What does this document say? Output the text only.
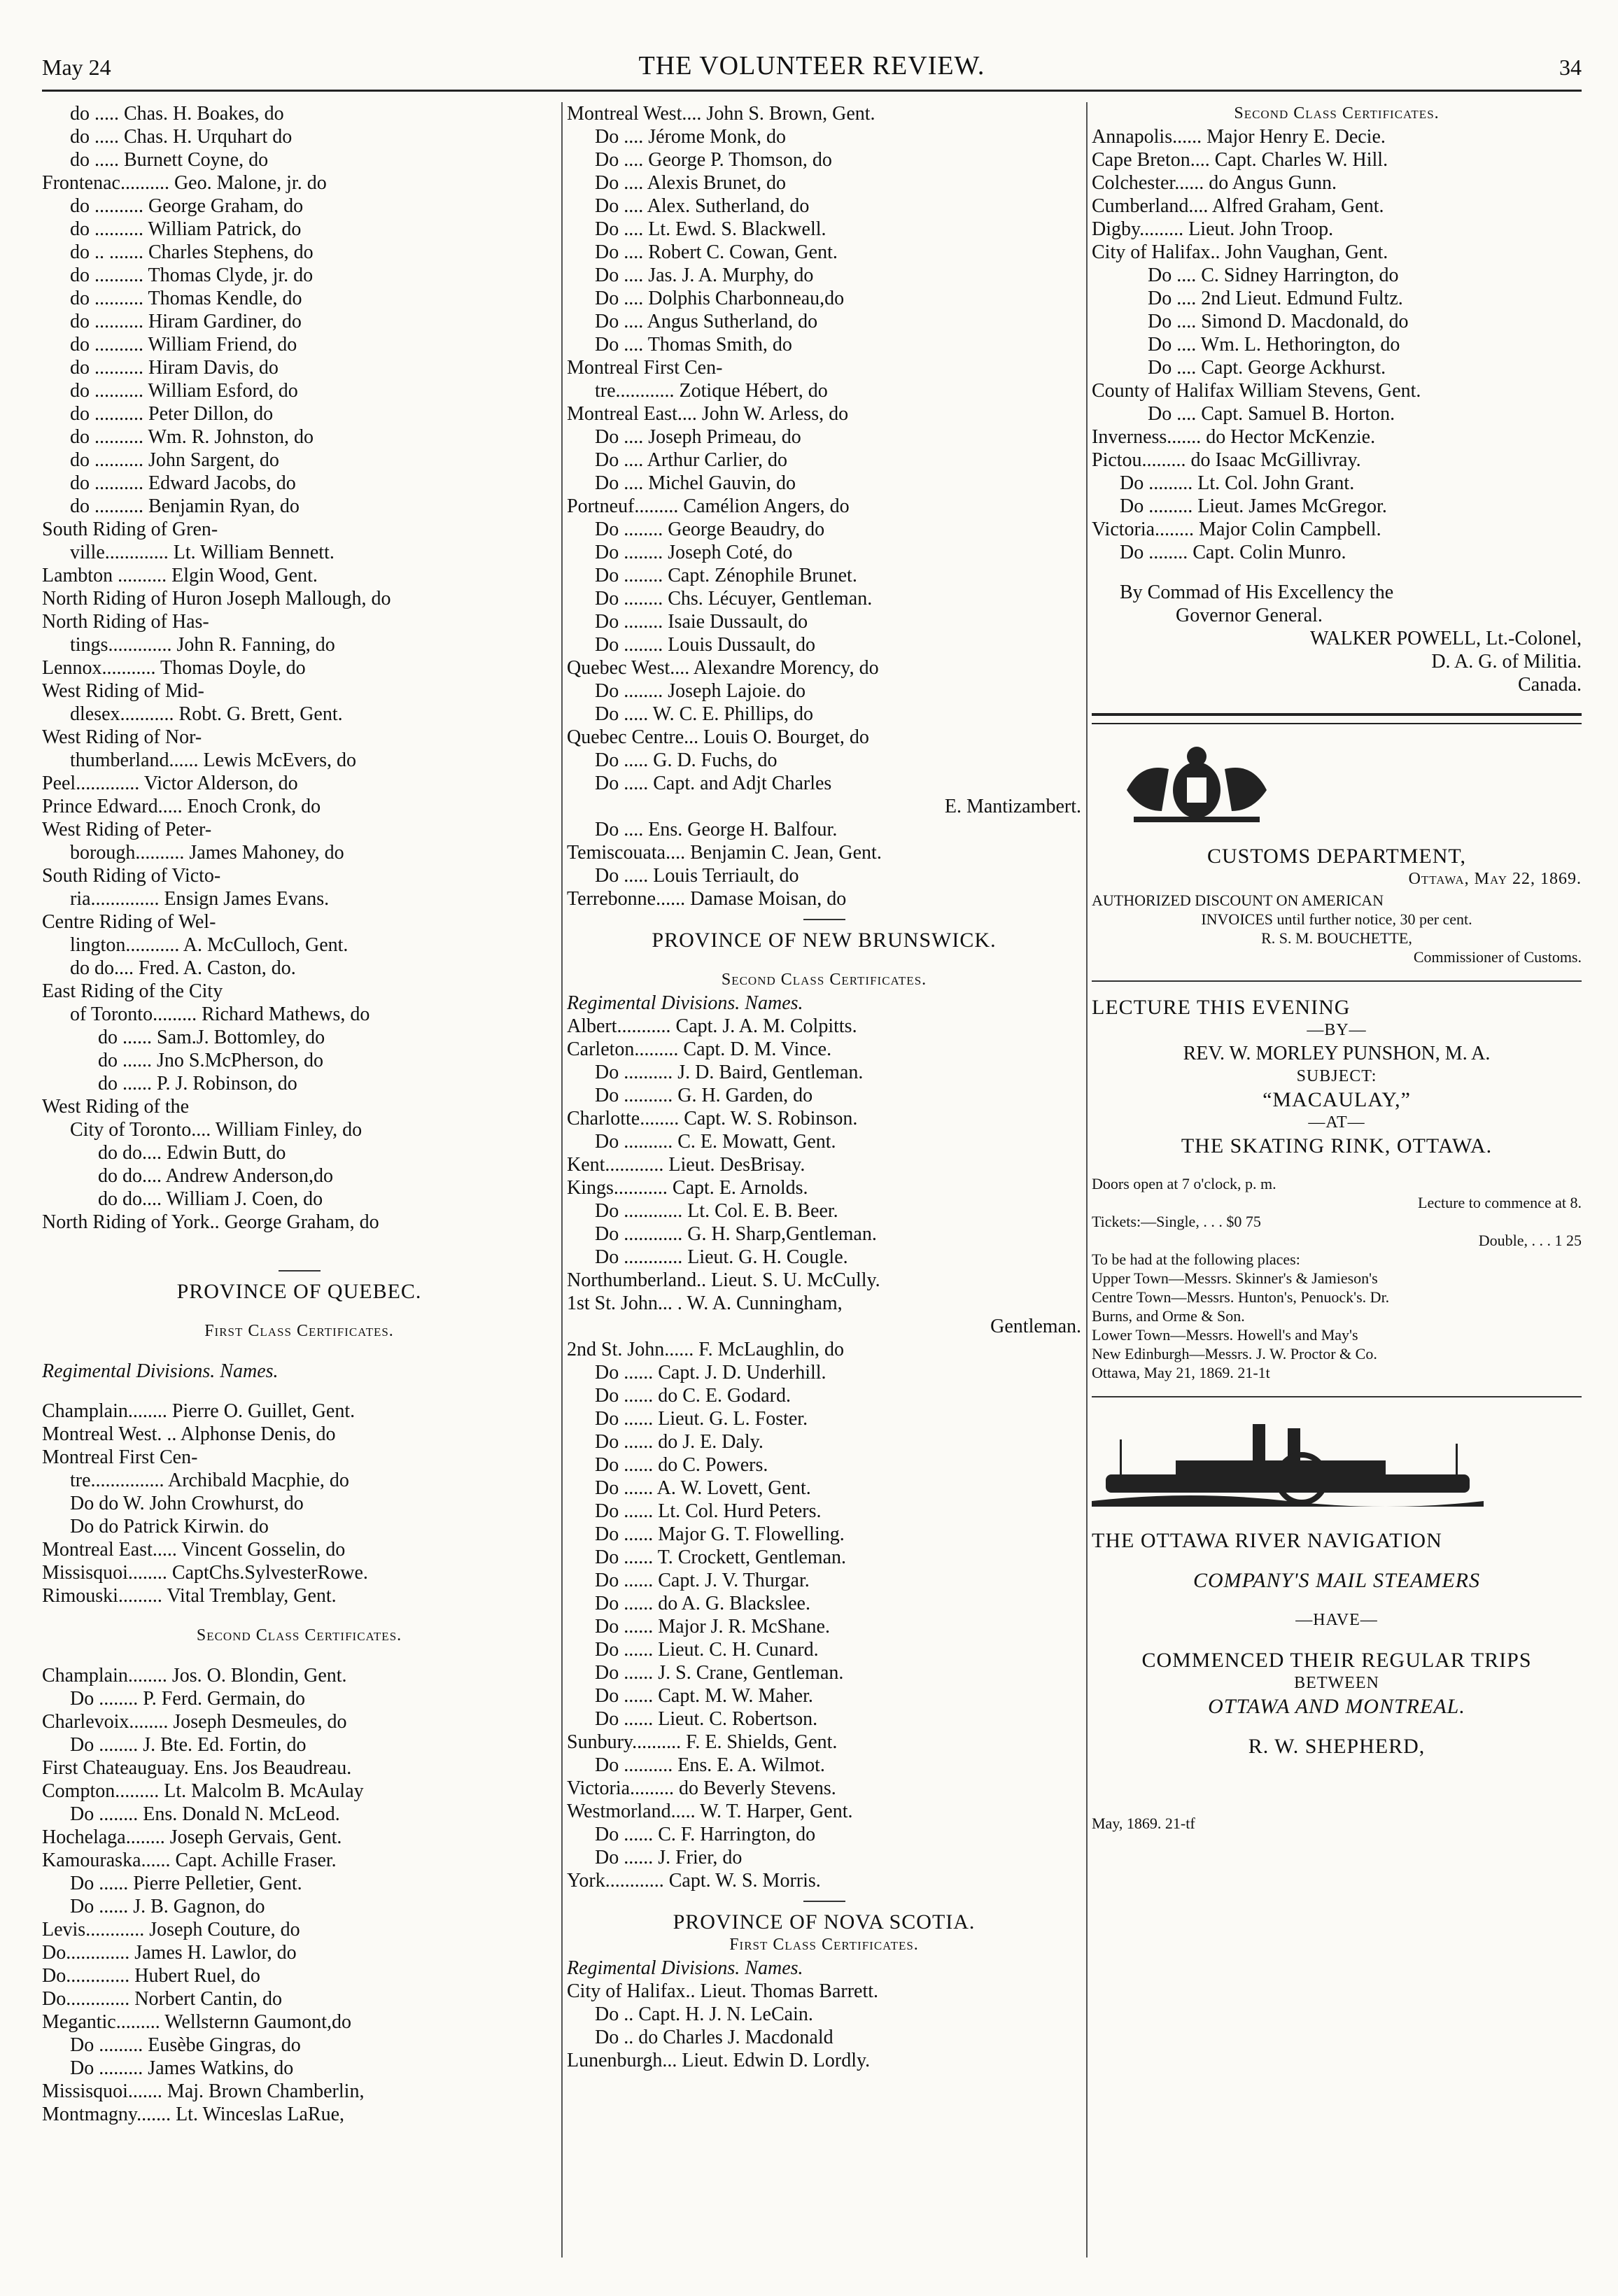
May 24	THE VOLUNTEER REVIEW.	34
do ..... Chas. H. Boakes, do
do ..... Chas. H. Urquhart do
do ..... Burnett Coyne, do
Frontenac.......... Geo. Malone, jr. do
do .......... George Graham, do
do .......... William Patrick, do
do .. ....... Charles Stephens, do
do .......... Thomas Clyde, jr. do
do .......... Thomas Kendle, do
do .......... Hiram Gardiner, do
do .......... William Friend, do
do .......... Hiram Davis, do
do .......... William Esford, do
do .......... Peter Dillon, do
do .......... Wm. R. Johnston, do
do .......... John Sargent, do
do .......... Edward Jacobs, do
do .......... Benjamin Ryan, do
South Riding of Gren-
ville............. Lt. William Bennett.
Lambton .......... Elgin Wood, Gent.
North Riding of Huron Joseph Mallough, do
North Riding of Has-
tings............. John R. Fanning, do
Lennox........... Thomas Doyle, do
West Riding of Mid-
dlesex........... Robt. G. Brett, Gent.
West Riding of Nor-
thumberland...... Lewis McEvers, do
Peel............. Victor Alderson, do
Prince Edward..... Enoch Cronk, do
West Riding of Peter-
borough.......... James Mahoney, do
South Riding of Victo-
ria.............. Ensign James Evans.
Centre Riding of Wel-
lington........... A. McCulloch, Gent.
do do.... Fred. A. Caston, do.
East Riding of the City
of Toronto......... Richard Mathews, do
do ...... Sam.J. Bottomley, do
do ...... Jno S.McPherson, do
do ...... P. J. Robinson, do
West Riding of the
City of Toronto.... William Finley, do
do do.... Edwin Butt, do
do do.... Andrew Anderson,do
do do.... William J. Coen, do
North Riding of York.. George Graham, do
PROVINCE OF QUEBEC.
First Class Certificates.
Regimental Divisions. Names.
Champlain........ Pierre O. Guillet, Gent.
Montreal West. .. Alphonse Denis, do
Montreal First Cen-
tre............... Archibald Macphie, do
Do do W. John Crowhurst, do
Do do Patrick Kirwin. do
Montreal East..... Vincent Gosselin, do
Missisquoi........ CaptChs.SylvesterRowe.
Rimouski......... Vital Tremblay, Gent.
Second Class Certificates.
Champlain........ Jos. O. Blondin, Gent.
Do ........ P. Ferd. Germain, do
Charlevoix........ Joseph Desmeules, do
Do ........ J. Bte. Ed. Fortin, do
First Chateauguay. Ens. Jos Beaudreau.
Compton......... Lt. Malcolm B. McAulay
Do ........ Ens. Donald N. McLeod.
Hochelaga........ Joseph Gervais, Gent.
Kamouraska...... Capt. Achille Fraser.
Do ...... Pierre Pelletier, Gent.
Do ...... J. B. Gagnon, do
Levis............ Joseph Couture, do
Do............. James H. Lawlor, do
Do............. Hubert Ruel, do
Do............. Norbert Cantin, do
Megantic......... Wellsternn Gaumont,do
Do ......... Eusèbe Gingras, do
Do ......... James Watkins, do
Missisquoi....... Maj. Brown Chamberlin,
Montmagny....... Lt. Winceslas LaRue,
Montreal West.... John S. Brown, Gent.
Do .... Jérome Monk, do
Do .... George P. Thomson, do
Do .... Alexis Brunet, do
Do .... Alex. Sutherland, do
Do .... Lt. Ewd. S. Blackwell.
Do .... Robert C. Cowan, Gent.
Do .... Jas. J. A. Murphy, do
Do .... Dolphis Charbonneau,do
Do .... Angus Sutherland, do
Do .... Thomas Smith, do
Montreal First Cen-
tre............ Zotique Hébert, do
Montreal East.... John W. Arless, do
Do .... Joseph Primeau, do
Do .... Arthur Carlier, do
Do .... Michel Gauvin, do
Portneuf......... Camélion Angers, do
Do ........ George Beaudry, do
Do ........ Joseph Coté, do
Do ........ Capt. Zénophile Brunet.
Do ........ Chs. Lécuyer, Gentleman.
Do ........ Isaie Dussault, do
Do ........ Louis Dussault, do
Quebec West.... Alexandre Morency, do
Do ........ Joseph Lajoie. do
Do ..... W. C. E. Phillips, do
Quebec Centre... Louis O. Bourget, do
Do ..... G. D. Fuchs, do
Do ..... Capt. and Adjt Charles
E. Mantizambert.
Do .... Ens. George H. Balfour.
Temiscouata.... Benjamin C. Jean, Gent.
Do ..... Louis Terriault, do
Terrebonne...... Damase Moisan, do
PROVINCE OF NEW BRUNSWICK.
Second Class Certificates.
Regimental Divisions. Names.
Albert........... Capt. J. A. M. Colpitts.
Carleton......... Capt. D. M. Vince.
Do .......... J. D. Baird, Gentleman.
Do .......... G. H. Garden, do
Charlotte........ Capt. W. S. Robinson.
Do .......... C. E. Mowatt, Gent.
Kent............ Lieut. DesBrisay.
Kings........... Capt. E. Arnolds.
Do ............ Lt. Col. E. B. Beer.
Do ............ G. H. Sharp,Gentleman.
Do ............ Lieut. G. H. Cougle.
Northumberland.. Lieut. S. U. McCully.
1st St. John... . W. A. Cunningham,
Gentleman.
2nd St. John...... F. McLaughlin, do
Do ...... Capt. J. D. Underhill.
Do ...... do C. E. Godard.
Do ...... Lieut. G. L. Foster.
Do ...... do J. E. Daly.
Do ...... do C. Powers.
Do ...... A. W. Lovett, Gent.
Do ...... Lt. Col. Hurd Peters.
Do ...... Major G. T. Flowelling.
Do ...... T. Crockett, Gentleman.
Do ...... Capt. J. V. Thurgar.
Do ...... do A. G. Blackslee.
Do ...... Major J. R. McShane.
Do ...... Lieut. C. H. Cunard.
Do ...... J. S. Crane, Gentleman.
Do ...... Capt. M. W. Maher.
Do ...... Lieut. C. Robertson.
Sunbury.......... F. E. Shields, Gent.
Do .......... Ens. E. A. Wilmot.
Victoria......... do Beverly Stevens.
Westmorland..... W. T. Harper, Gent.
Do ...... C. F. Harrington, do
Do ...... J. Frier, do
York............ Capt. W. S. Morris.
PROVINCE OF NOVA SCOTIA.
First Class Certificates.
Regimental Divisions. Names.
City of Halifax.. Lieut. Thomas Barrett.
Do .. Capt. H. J. N. LeCain.
Do .. do Charles J. Macdonald
Lunenburgh... Lieut. Edwin D. Lordly.
Second Class Certificates.
Annapolis...... Major Henry E. Decie.
Cape Breton.... Capt. Charles W. Hill.
Colchester...... do Angus Gunn.
Cumberland.... Alfred Graham, Gent.
Digby......... Lieut. John Troop.
City of Halifax.. John Vaughan, Gent.
Do .... C. Sidney Harrington, do
Do .... 2nd Lieut. Edmund Fultz.
Do .... Simond D. Macdonald, do
Do .... Wm. L. Hethorington, do
Do .... Capt. George Ackhurst.
County of Halifax William Stevens, Gent.
Do .... Capt. Samuel B. Horton.
Inverness....... do Hector McKenzie.
Pictou......... do Isaac McGillivray.
Do ......... Lt. Col. John Grant.
Do ......... Lieut. James McGregor.
Victoria........ Major Colin Campbell.
Do ........ Capt. Colin Munro.
By Commad of His Excellency the
Governor General.
WALKER POWELL, Lt.-Colonel,
D. A. G. of Militia.
Canada.
CUSTOMS DEPARTMENT,
Ottawa, May 22, 1869.
AUTHORIZED DISCOUNT ON AMERICAN
INVOICES until further notice, 30 per cent.
R. S. M. BOUCHETTE,
Commissioner of Customs.
LECTURE THIS EVENING
—BY—
REV. W. MORLEY PUNSHON, M. A.
SUBJECT:
“MACAULAY,”
—AT—
THE SKATING RINK, OTTAWA.
Doors open at 7 o'clock, p. m.
Lecture to commence at 8.
Tickets:—Single, . . . $0 75
Double, . . . 1 25
To be had at the following places:
Upper Town—Messrs. Skinner's & Jamieson's
Centre Town—Messrs. Hunton's, Penuock's. Dr.
Burns, and Orme & Son.
Lower Town—Messrs. Howell's and May's
New Edinburgh—Messrs. J. W. Proctor & Co.
Ottawa, May 21, 1869. 21-1t
THE OTTAWA RIVER NAVIGATION
COMPANY'S MAIL STEAMERS
—HAVE—
COMMENCED THEIR REGULAR TRIPS
BETWEEN
OTTAWA AND MONTREAL.
R. W. SHEPHERD,
May, 1869. 21-tf
